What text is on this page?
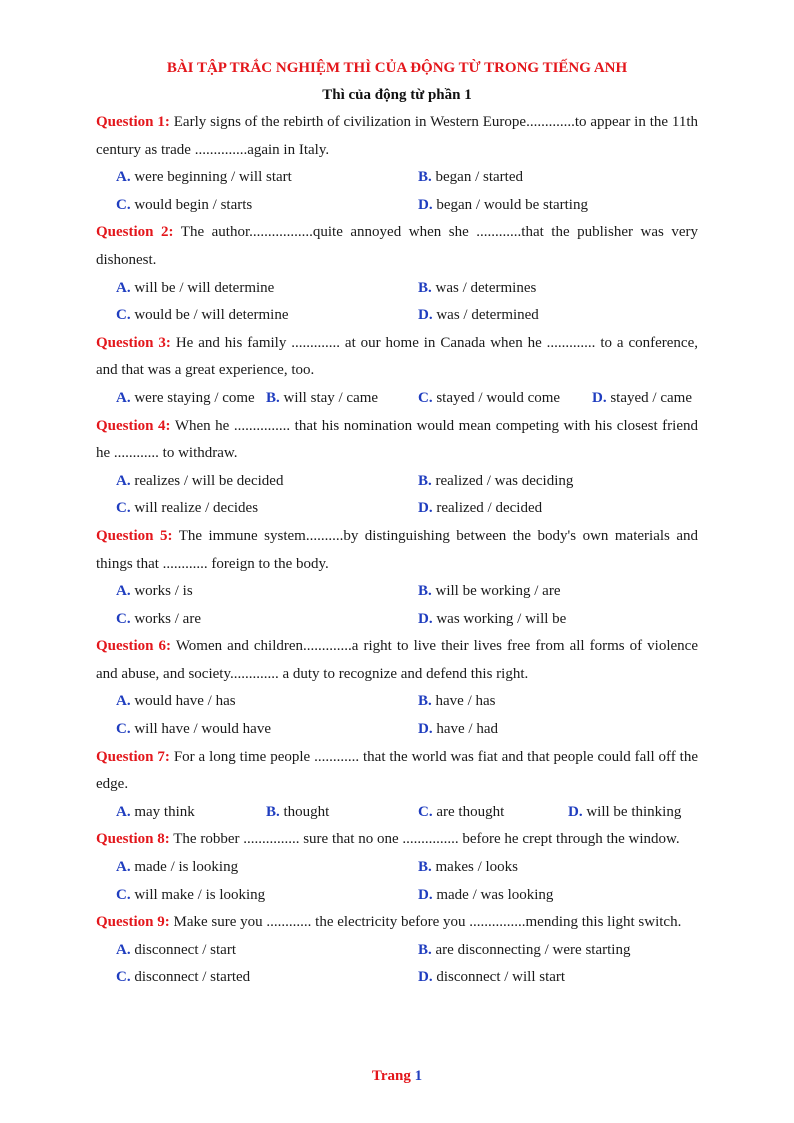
BÀI TẬP TRẮC NGHIỆM THÌ CỦA ĐỘNG TỪ TRONG TIẾNG ANH

Thì của động từ phần 1

Question 1: Early signs of the rebirth of civilization in Western Europe.............to appear in the 11th century as trade ..............again in Italy.

A. were beginning / will start	B. began / started
C. would begin / starts	D. began / would be starting

Question 2: The author.................quite annoyed when she ............that the publisher was very dishonest.

A. will be / will determine	B. was / determines
C. would be / will determine	D. was / determined

Question 3: He and his family ............. at our home in Canada when he ............. to a conference, and that was a great experience, too.

A. were staying / come B. will stay / came	C. stayed / would come D. stayed / came

Question 4: When he ............... that his nomination would mean competing with his closest friend he ............ to withdraw.

A. realizes / will be decided	B. realized / was deciding
C. will realize / decides	D. realized / decided

Question 5: The immune system..........by distinguishing between the body's own materials and things that ............ foreign to the body.

A. works / is	B. will be working / are
C. works / are	D. was working / will be

Question 6: Women and children.............a right to live their lives free from all forms of violence and abuse, and society............. a duty to recognize and defend this right.

A. would have / has	B. have / has
C. will have / would have	D. have / had

Question 7: For a long time people ............ that the world was fiat and that people could fall off the edge.

A. may think	B. thought	C. are thought	D. will be thinking

Question 8: The robber ............... sure that no one ............... before he crept through the window.

A. made / is looking	B. makes / looks
C. will make / is looking	D. made / was looking

Question 9: Make sure you ............ the electricity before you ...............mending this light switch.

A. disconnect / start	B. are disconnecting / were starting
C. disconnect / started	D. disconnect / will start
Trang 1
